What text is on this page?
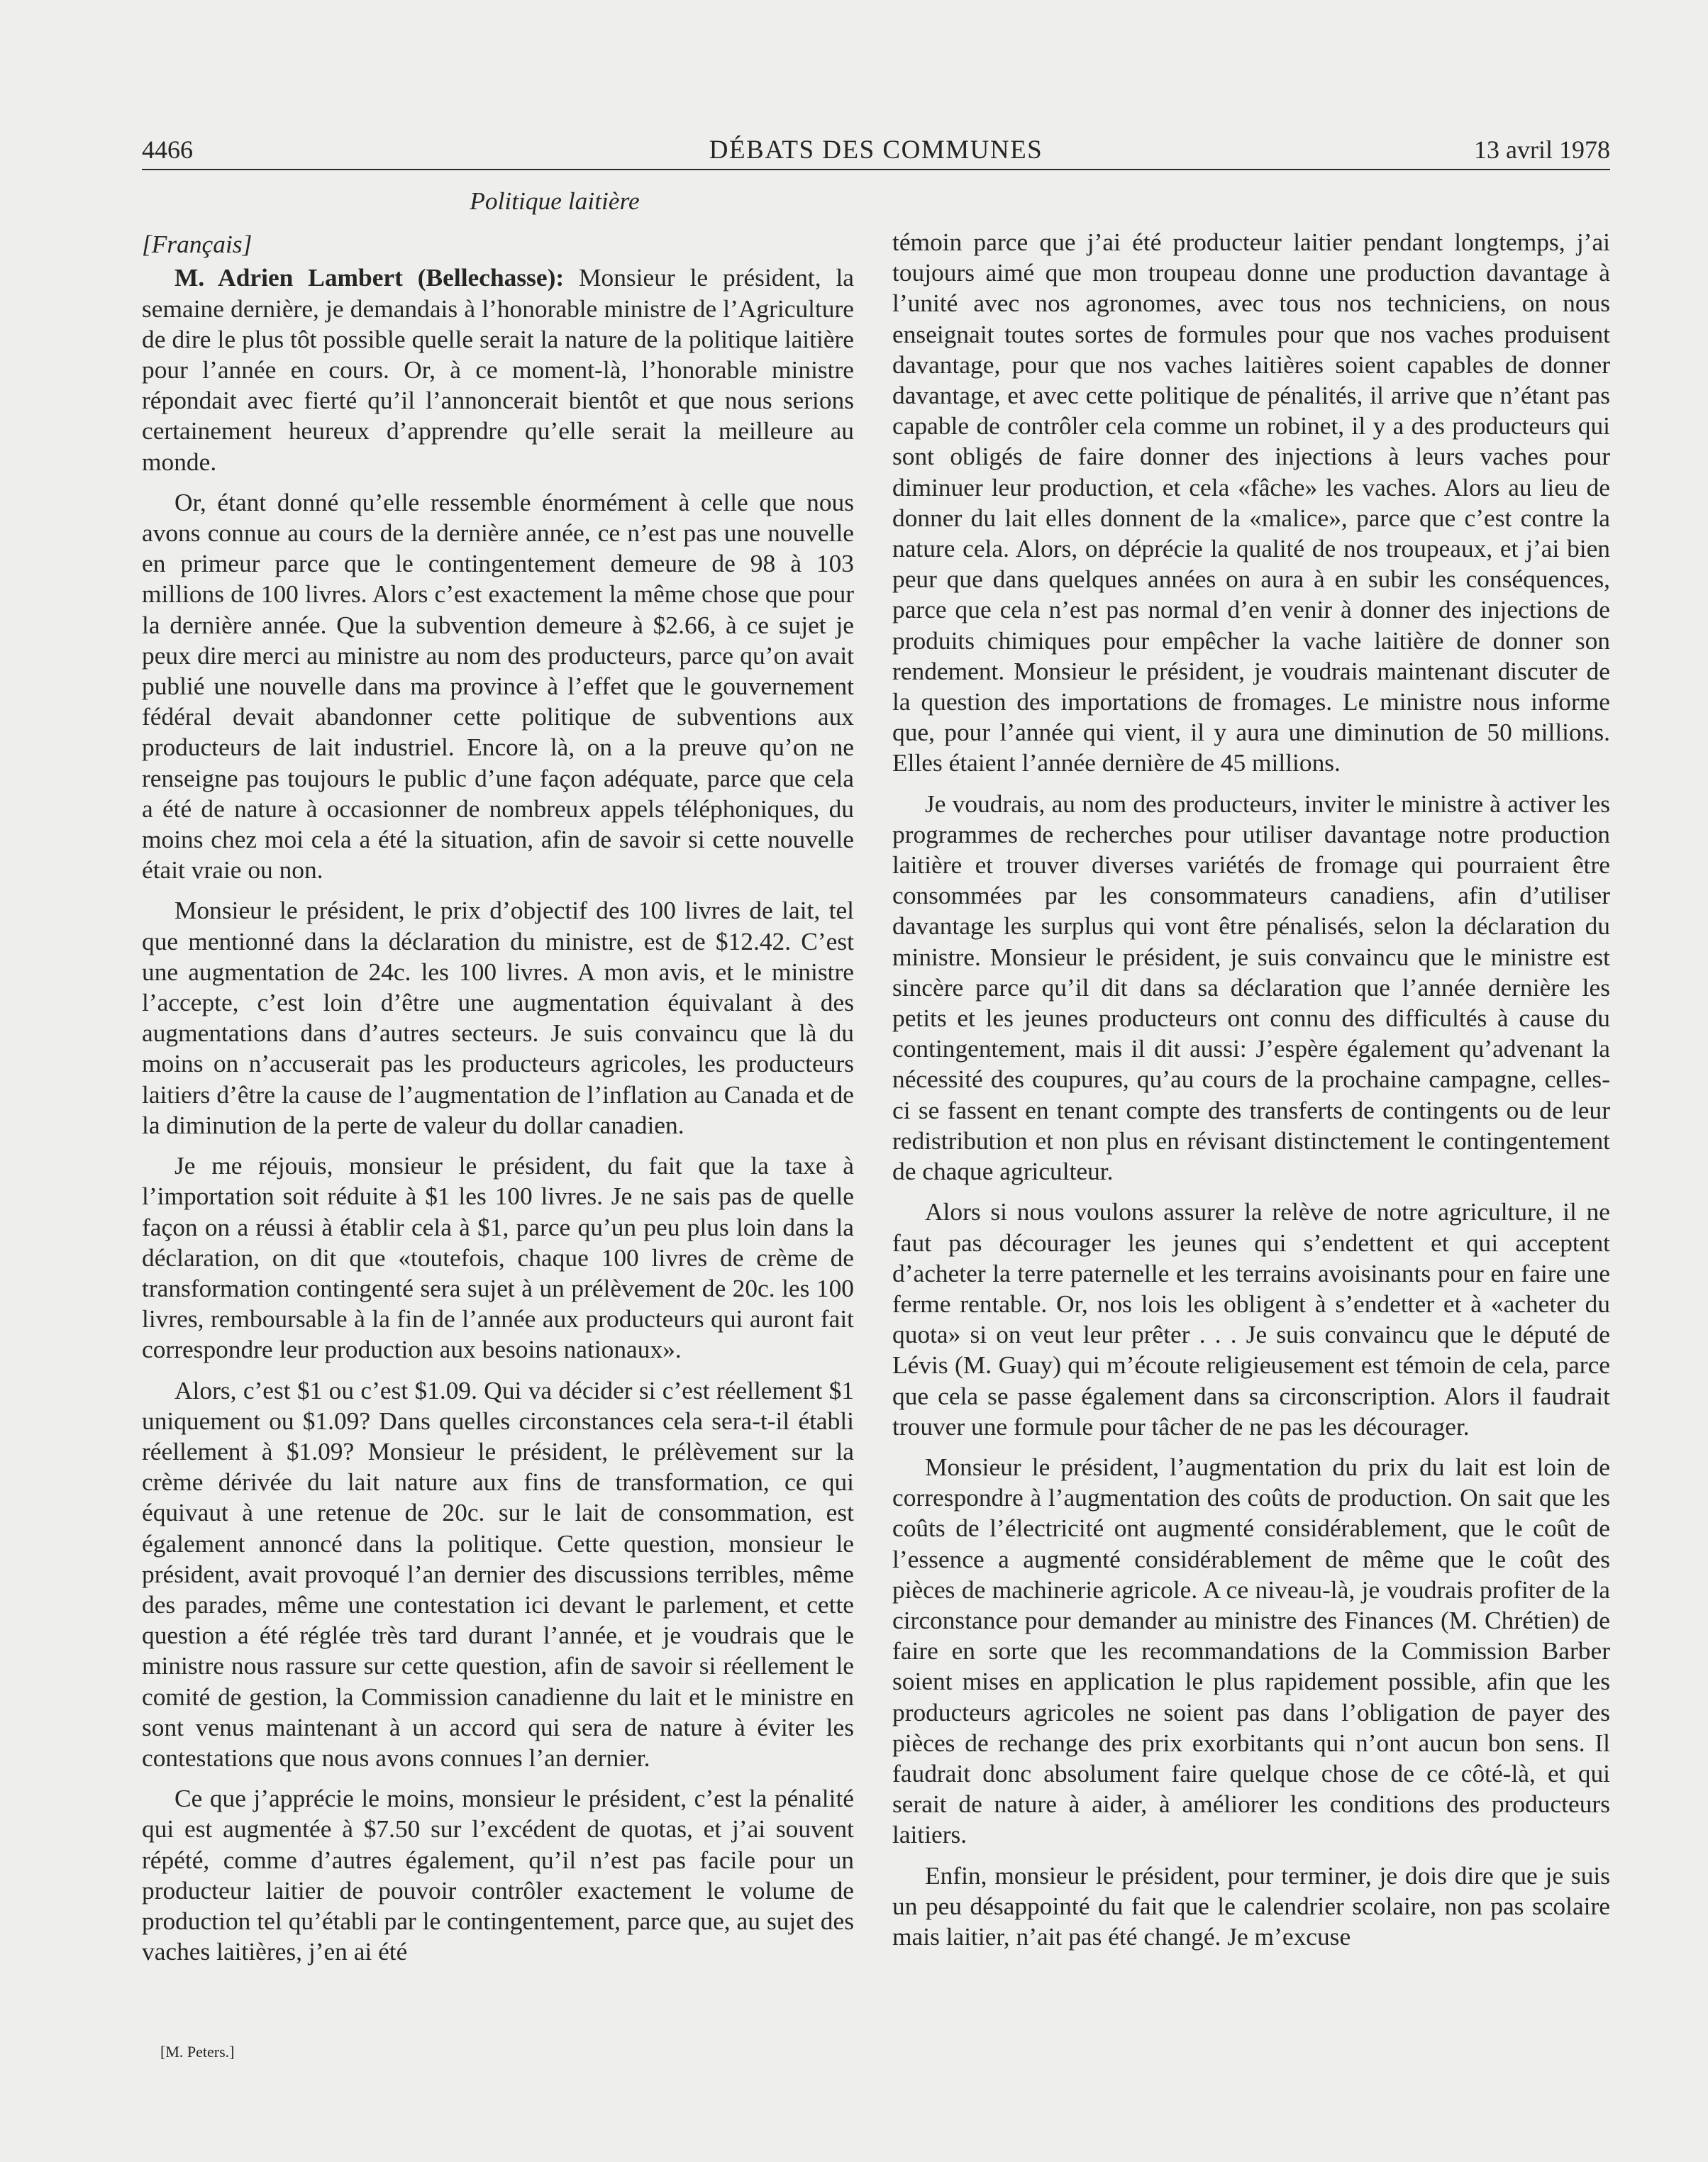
4466	DÉBATS DES COMMUNES	13 avril 1978
Politique laitière
[Français]

M. Adrien Lambert (Bellechasse): Monsieur le président, la semaine dernière, je demandais à l’honorable ministre de l’Agriculture de dire le plus tôt possible quelle serait la nature de la politique laitière pour l’année en cours. Or, à ce moment-là, l’honorable ministre répondait avec fierté qu’il l’annoncerait bientôt et que nous serions certainement heureux d’apprendre qu’elle serait la meilleure au monde.

Or, étant donné qu’elle ressemble énormément à celle que nous avons connue au cours de la dernière année, ce n’est pas une nouvelle en primeur parce que le contingentement demeure de 98 à 103 millions de 100 livres. Alors c’est exactement la même chose que pour la dernière année. Que la subvention demeure à $2.66, à ce sujet je peux dire merci au ministre au nom des producteurs, parce qu’on avait publié une nouvelle dans ma province à l’effet que le gouvernement fédéral devait abandonner cette politique de subventions aux producteurs de lait industriel. Encore là, on a la preuve qu’on ne renseigne pas toujours le public d’une façon adéquate, parce que cela a été de nature à occasionner de nombreux appels téléphoniques, du moins chez moi cela a été la situation, afin de savoir si cette nouvelle était vraie ou non.

Monsieur le président, le prix d’objectif des 100 livres de lait, tel que mentionné dans la déclaration du ministre, est de $12.42. C’est une augmentation de 24c. les 100 livres. A mon avis, et le ministre l’accepte, c’est loin d’être une augmentation équivalant à des augmentations dans d’autres secteurs. Je suis convaincu que là du moins on n’accuserait pas les producteurs agricoles, les producteurs laitiers d’être la cause de l’augmentation de l’inflation au Canada et de la diminution de la perte de valeur du dollar canadien.

Je me réjouis, monsieur le président, du fait que la taxe à l’importation soit réduite à $1 les 100 livres. Je ne sais pas de quelle façon on a réussi à établir cela à $1, parce qu’un peu plus loin dans la déclaration, on dit que «toutefois, chaque 100 livres de crème de transformation contingenté sera sujet à un prélèvement de 20c. les 100 livres, remboursable à la fin de l’année aux producteurs qui auront fait correspondre leur production aux besoins nationaux».

Alors, c’est $1 ou c’est $1.09. Qui va décider si c’est réellement $1 uniquement ou $1.09? Dans quelles circonstances cela sera-t-il établi réellement à $1.09? Monsieur le président, le prélèvement sur la crème dérivée du lait nature aux fins de transformation, ce qui équivaut à une retenue de 20c. sur le lait de consommation, est également annoncé dans la politique. Cette question, monsieur le président, avait provoqué l’an dernier des discussions terribles, même des parades, même une contestation ici devant le parlement, et cette question a été réglée très tard durant l’année, et je voudrais que le ministre nous rassure sur cette question, afin de savoir si réellement le comité de gestion, la Commission canadienne du lait et le ministre en sont venus maintenant à un accord qui sera de nature à éviter les contestations que nous avons connues l’an dernier.

Ce que j’apprécie le moins, monsieur le président, c’est la pénalité qui est augmentée à $7.50 sur l’excédent de quotas, et j’ai souvent répété, comme d’autres également, qu’il n’est pas facile pour un producteur laitier de pouvoir contrôler exactement le volume de production tel qu’établi par le contingentement, parce que, au sujet des vaches laitières, j’en ai été

témoin parce que j’ai été producteur laitier pendant longtemps, j’ai toujours aimé que mon troupeau donne une production davantage à l’unité avec nos agronomes, avec tous nos techniciens, on nous enseignait toutes sortes de formules pour que nos vaches produisent davantage, pour que nos vaches laitières soient capables de donner davantage, et avec cette politique de pénalités, il arrive que n’étant pas capable de contrôler cela comme un robinet, il y a des producteurs qui sont obligés de faire donner des injections à leurs vaches pour diminuer leur production, et cela «fâche» les vaches. Alors au lieu de donner du lait elles donnent de la «malice», parce que c’est contre la nature cela. Alors, on déprécie la qualité de nos troupeaux, et j’ai bien peur que dans quelques années on aura à en subir les conséquences, parce que cela n’est pas normal d’en venir à donner des injections de produits chimiques pour empêcher la vache laitière de donner son rendement. Monsieur le président, je voudrais maintenant discuter de la question des importations de fromages. Le ministre nous informe que, pour l’année qui vient, il y aura une diminution de 50 millions. Elles étaient l’année dernière de 45 millions.

Je voudrais, au nom des producteurs, inviter le ministre à activer les programmes de recherches pour utiliser davantage notre production laitière et trouver diverses variétés de fromage qui pourraient être consommées par les consommateurs canadiens, afin d’utiliser davantage les surplus qui vont être pénalisés, selon la déclaration du ministre. Monsieur le président, je suis convaincu que le ministre est sincère parce qu’il dit dans sa déclaration que l’année dernière les petits et les jeunes producteurs ont connu des difficultés à cause du contingentement, mais il dit aussi: J’espère également qu’advenant la nécessité des coupures, qu’au cours de la prochaine campagne, celles-ci se fassent en tenant compte des transferts de contingents ou de leur redistribution et non plus en révisant distinctement le contingentement de chaque agriculteur.

Alors si nous voulons assurer la relève de notre agriculture, il ne faut pas décourager les jeunes qui s’endettent et qui acceptent d’acheter la terre paternelle et les terrains avoisinants pour en faire une ferme rentable. Or, nos lois les obligent à s’endetter et à «acheter du quota» si on veut leur prêter . . . Je suis convaincu que le député de Lévis (M. Guay) qui m’écoute religieusement est témoin de cela, parce que cela se passe également dans sa circonscription. Alors il faudrait trouver une formule pour tâcher de ne pas les décourager.

Monsieur le président, l’augmentation du prix du lait est loin de correspondre à l’augmentation des coûts de production. On sait que les coûts de l’électricité ont augmenté considérablement, que le coût de l’essence a augmenté considérablement de même que le coût des pièces de machinerie agricole. A ce niveau-là, je voudrais profiter de la circonstance pour demander au ministre des Finances (M. Chrétien) de faire en sorte que les recommandations de la Commission Barber soient mises en application le plus rapidement possible, afin que les producteurs agricoles ne soient pas dans l’obligation de payer des pièces de rechange des prix exorbitants qui n’ont aucun bon sens. Il faudrait donc absolument faire quelque chose de ce côté-là, et qui serait de nature à aider, à améliorer les conditions des producteurs laitiers.

Enfin, monsieur le président, pour terminer, je dois dire que je suis un peu désappointé du fait que le calendrier scolaire, non pas scolaire mais laitier, n’ait pas été changé. Je m’excuse

[M. Peters.]
